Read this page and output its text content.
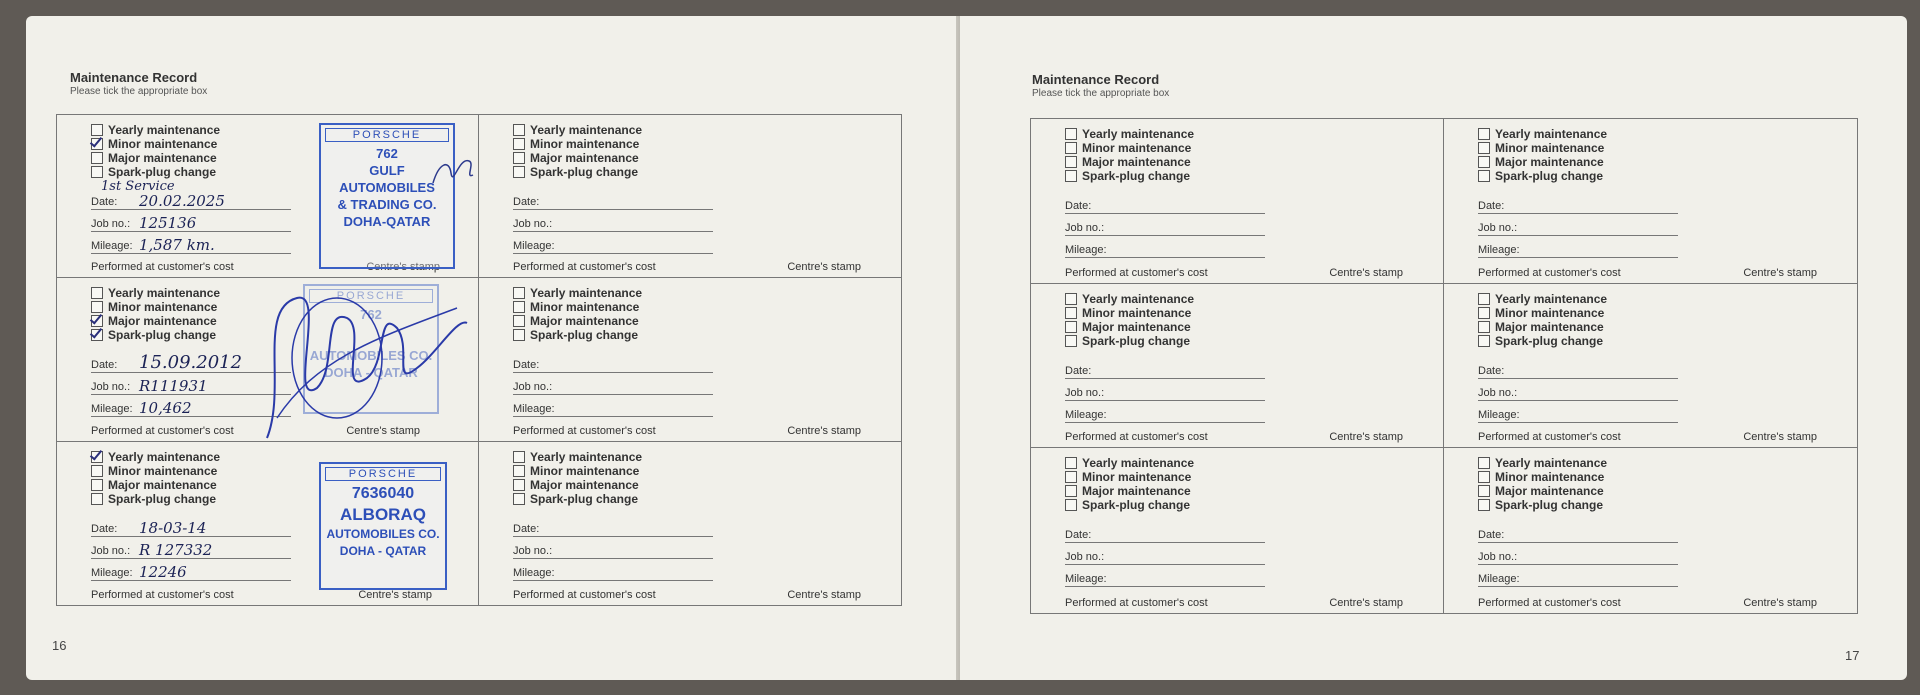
Maintenance Record
Please tick the appropriate box
Yearly maintenance
Minor maintenance
Major maintenance
Spark-plug change
1st Service
Date: 20.02.2025
Job no.: 125136
Mileage: 1,587 km.
Performed at customer's cost	Centre's stamp
PORSCHE
762
GULF
AUTOMOBILES
& TRADING CO.
DOHA-QATAR
Yearly maintenance
Minor maintenance
Major maintenance
Spark-plug change
Date:
Job no.:
Mileage:
Performed at customer's cost	Centre's stamp
Yearly maintenance
Minor maintenance
Major maintenance
Spark-plug change
Date: 15.09.2012
Job no.: R111931
Mileage: 10,462
Performed at customer's cost	Centre's stamp
PORSCHE
762
AUTOMOBILES CO.
DOHA - QATAR
Yearly maintenance
Minor maintenance
Major maintenance
Spark-plug change
Date:
Job no.:
Mileage:
Performed at customer's cost	Centre's stamp
Yearly maintenance
Minor maintenance
Major maintenance
Spark-plug change
Date: 18-03-14
Job no.: R 127332
Mileage: 12246
Performed at customer's cost	Centre's stamp
PORSCHE
7636040
ALBORAQ
AUTOMOBILES CO.
DOHA - QATAR
Yearly maintenance
Minor maintenance
Major maintenance
Spark-plug change
Date:
Job no.:
Mileage:
Performed at customer's cost	Centre's stamp
16
Maintenance Record
Please tick the appropriate box
Yearly maintenance
Minor maintenance
Major maintenance
Spark-plug change
Date:
Job no.:
Mileage:
Performed at customer's cost	Centre's stamp
Yearly maintenance
Minor maintenance
Major maintenance
Spark-plug change
Date:
Job no.:
Mileage:
Performed at customer's cost	Centre's stamp
Yearly maintenance
Minor maintenance
Major maintenance
Spark-plug change
Date:
Job no.:
Mileage:
Performed at customer's cost	Centre's stamp
Yearly maintenance
Minor maintenance
Major maintenance
Spark-plug change
Date:
Job no.:
Mileage:
Performed at customer's cost	Centre's stamp
Yearly maintenance
Minor maintenance
Major maintenance
Spark-plug change
Date:
Job no.:
Mileage:
Performed at customer's cost	Centre's stamp
Yearly maintenance
Minor maintenance
Major maintenance
Spark-plug change
Date:
Job no.:
Mileage:
Performed at customer's cost	Centre's stamp
17
